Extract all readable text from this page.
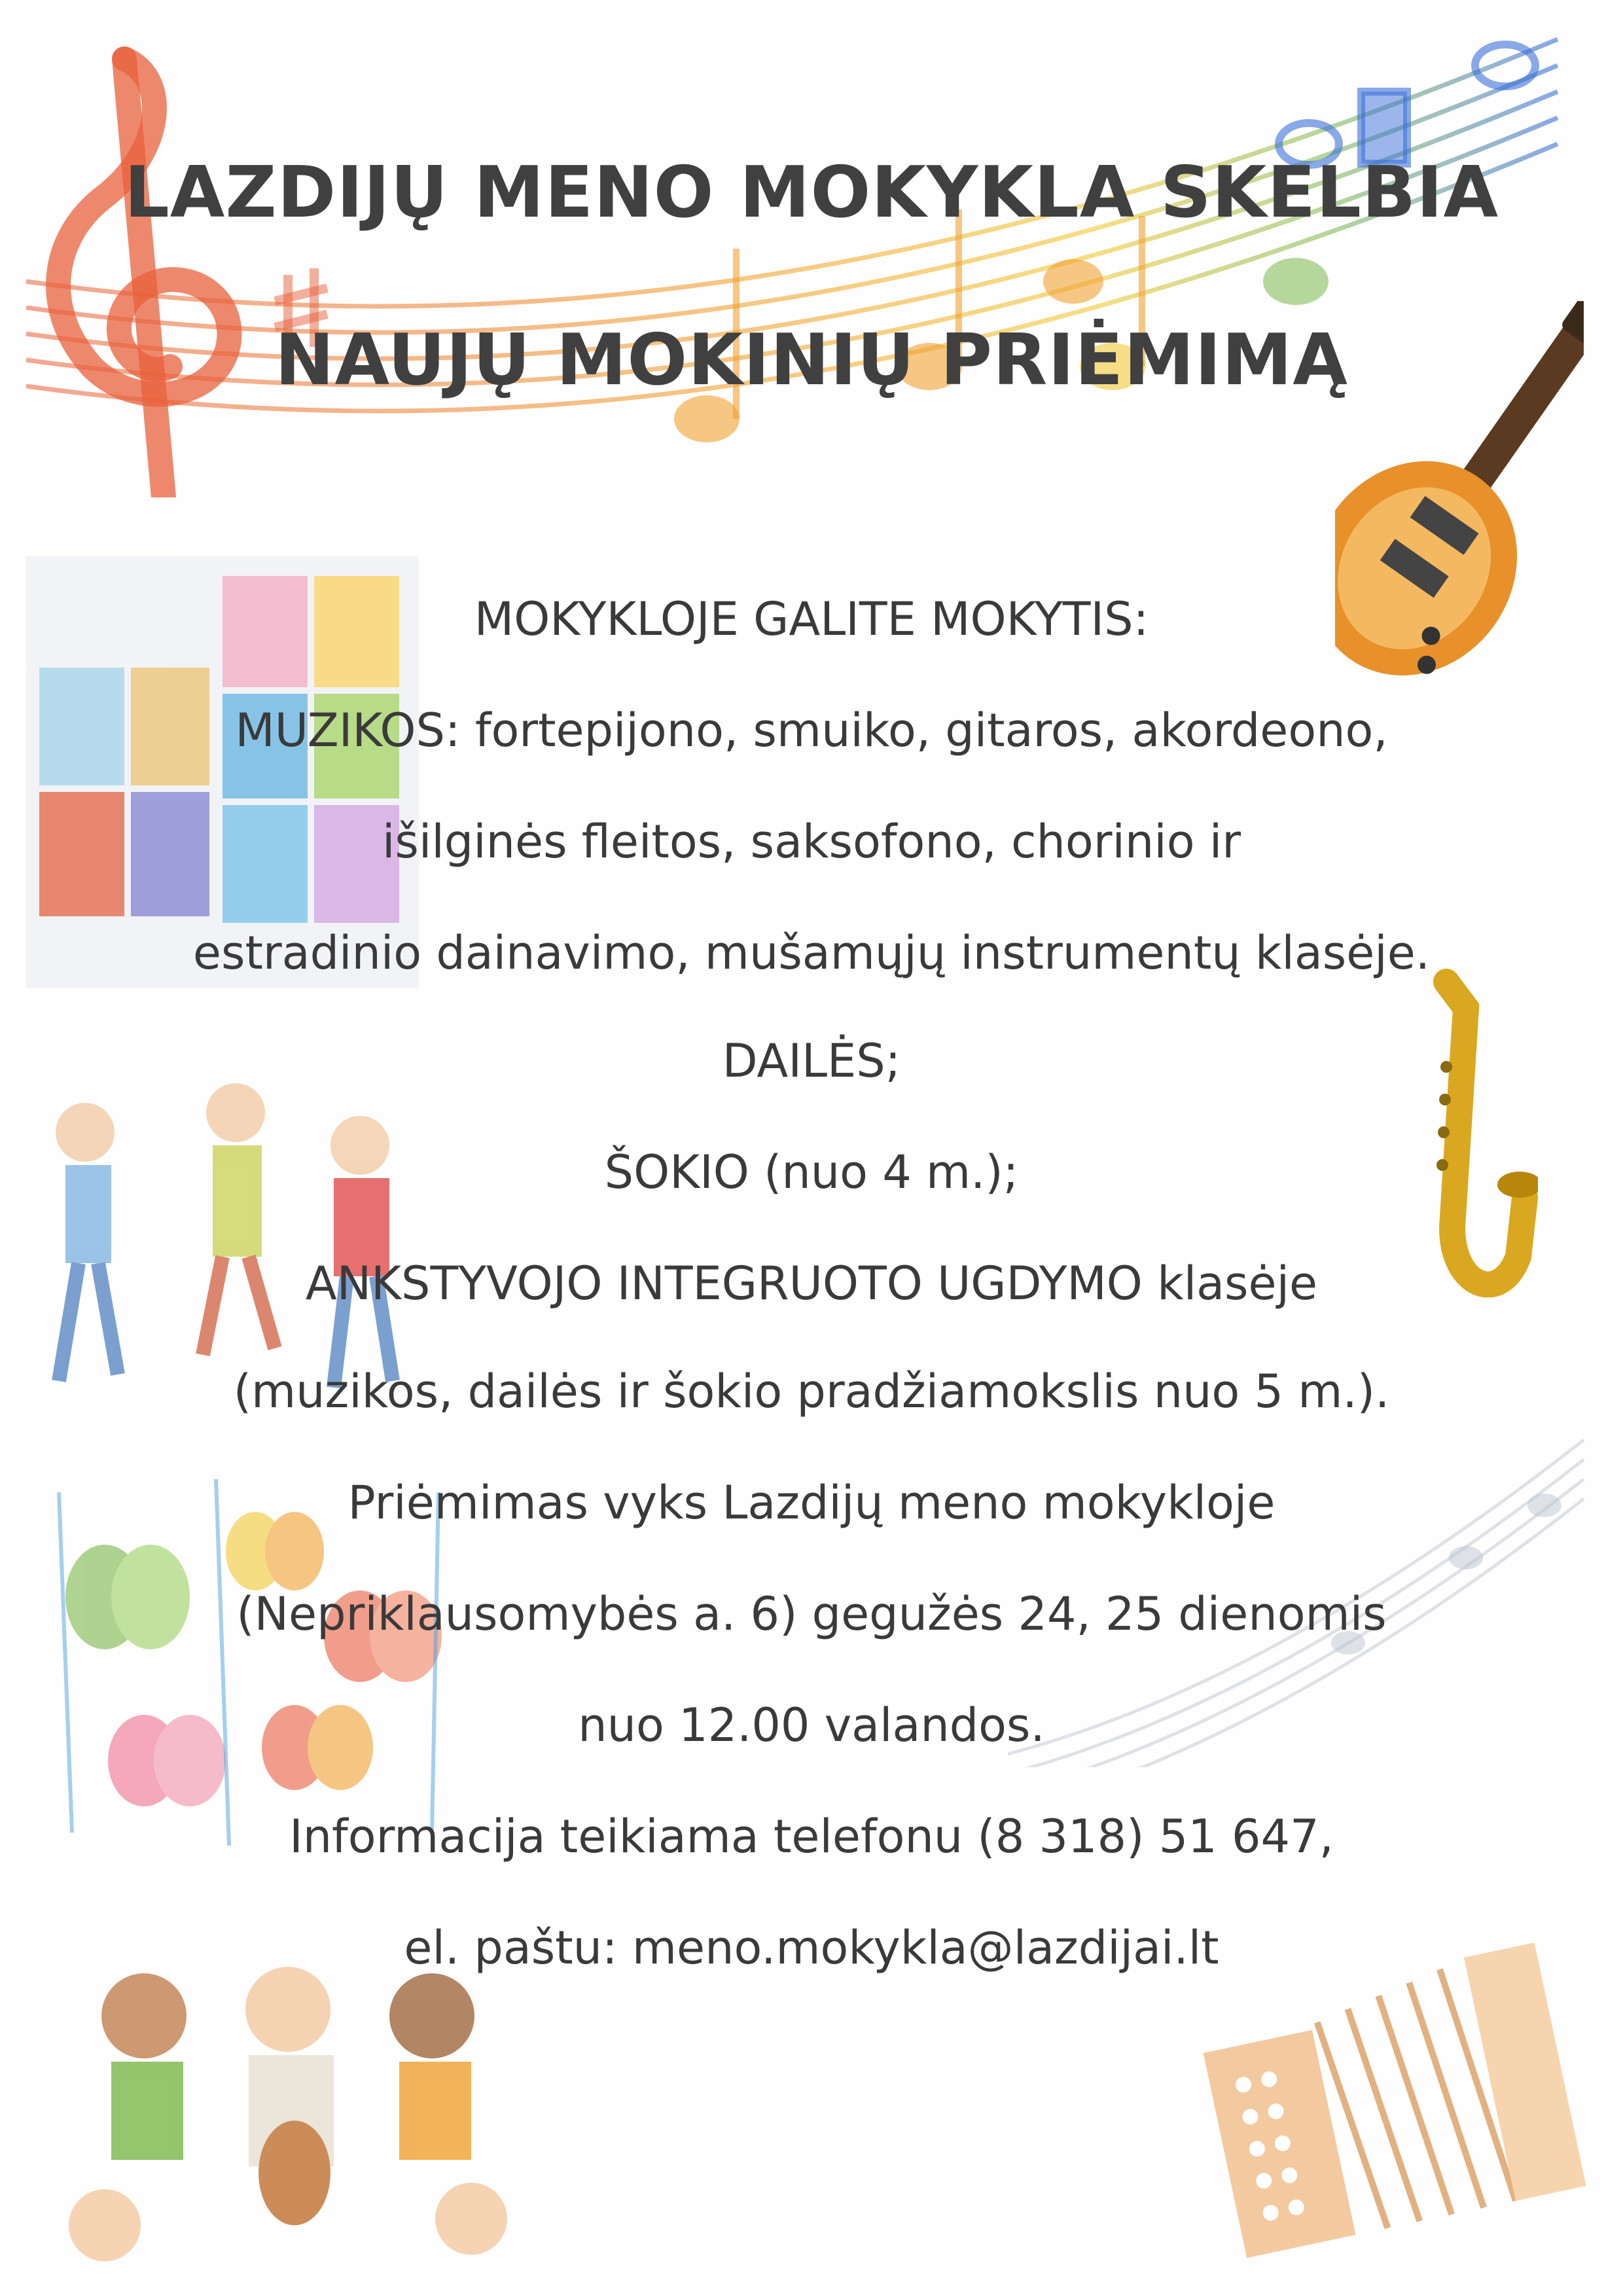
LAZDIJŲ MENO MOKYKLA SKELBIA
NAUJŲ MOKINIŲ PRIĖMIMĄ
MOKYKLOJE GALITE MOKYTIS:
MUZIKOS: fortepijono, smuiko, gitaros, akordeono,
išilginės fleitos, saksofono, chorinio ir
estradinio dainavimo, mušamųjų instrumentų klasėje.
DAILĖS;
ŠOKIO (nuo 4 m.);
ANKSTYVOJO INTEGRUOTO UGDYMO klasėje
(muzikos, dailės ir šokio pradžiamokslis nuo 5 m.).
Priėmimas vyks Lazdijų meno mokykloje
(Nepriklausomybės a. 6) gegužės 24, 25 dienomis
nuo 12.00 valandos.
Informacija teikiama telefonu (8 318) 51 647,
el. paštu: meno.mokykla@lazdijai.lt
